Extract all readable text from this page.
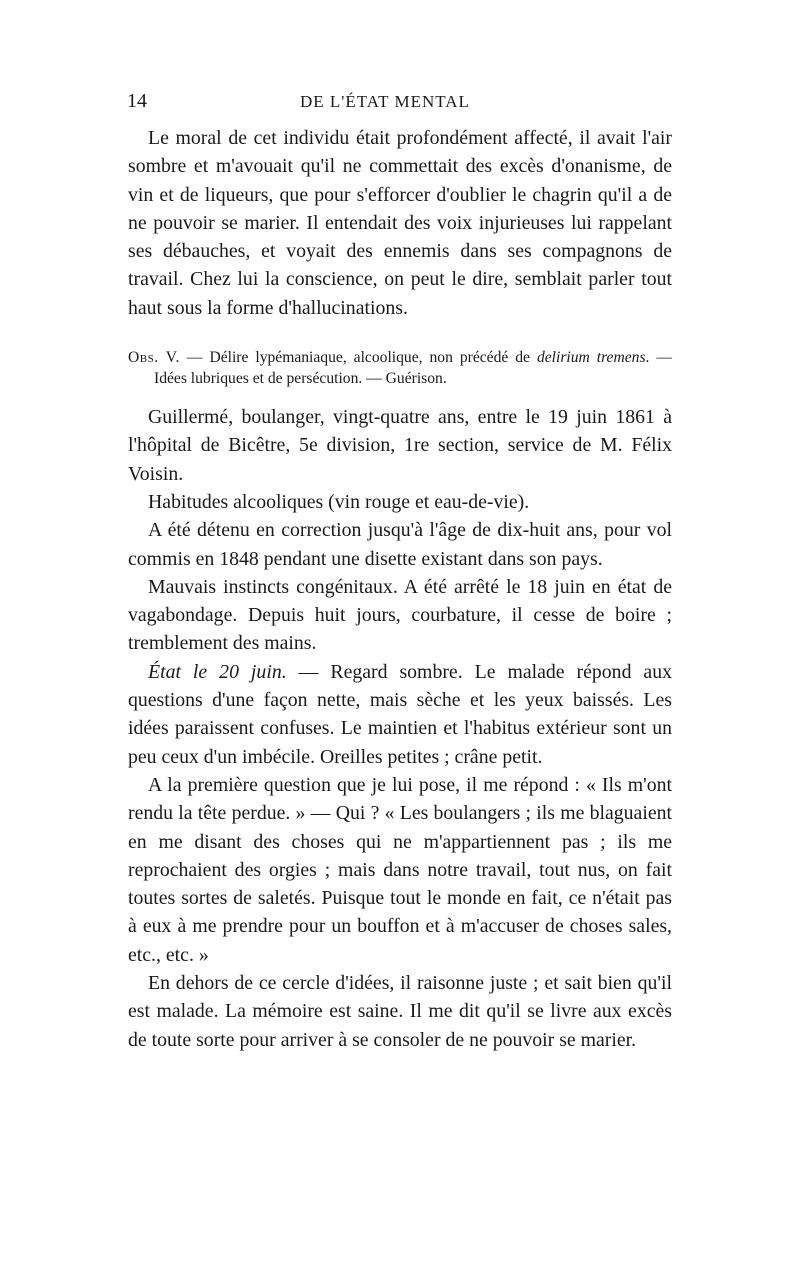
14	DE L'ÉTAT MENTAL

Le moral de cet individu était profondément affecté, il avait l'air sombre et m'avouait qu'il ne commettait des excès d'onanisme, de vin et de liqueurs, que pour s'efforcer d'oublier le chagrin qu'il a de ne pouvoir se marier. Il entendait des voix injurieuses lui rappelant ses débauches, et voyait des ennemis dans ses compagnons de travail. Chez lui la conscience, on peut le dire, semblait parler tout haut sous la forme d'hallucinations.

Obs. V. — Délire lypémaniaque, alcoolique, non précédé de delirium tremens. — Idées lubriques et de persécution. — Guérison.

Guillermé, boulanger, vingt-quatre ans, entre le 19 juin 1861 à l'hôpital de Bicêtre, 5e division, 1re section, service de M. Félix Voisin.

Habitudes alcooliques (vin rouge et eau-de-vie).

A été détenu en correction jusqu'à l'âge de dix-huit ans, pour vol commis en 1848 pendant une disette existant dans son pays.

Mauvais instincts congénitaux. A été arrêté le 18 juin en état de vagabondage. Depuis huit jours, courbature, il cesse de boire ; tremblement des mains.

État le 20 juin. — Regard sombre. Le malade répond aux questions d'une façon nette, mais sèche et les yeux baissés. Les idées paraissent confuses. Le maintien et l'habitus extérieur sont un peu ceux d'un imbécile. Oreilles petites ; crâne petit.

A la première question que je lui pose, il me répond : « Ils m'ont rendu la tête perdue. » — Qui ? « Les boulangers ; ils me blaguaient en me disant des choses qui ne m'appartiennent pas ; ils me reprochaient des orgies ; mais dans notre travail, tout nus, on fait toutes sortes de saletés. Puisque tout le monde en fait, ce n'était pas à eux à me prendre pour un bouffon et à m'accuser de choses sales, etc., etc. »

En dehors de ce cercle d'idées, il raisonne juste ; et sait bien qu'il est malade. La mémoire est saine. Il me dit qu'il se livre aux excès de toute sorte pour arriver à se consoler de ne pouvoir se marier.
